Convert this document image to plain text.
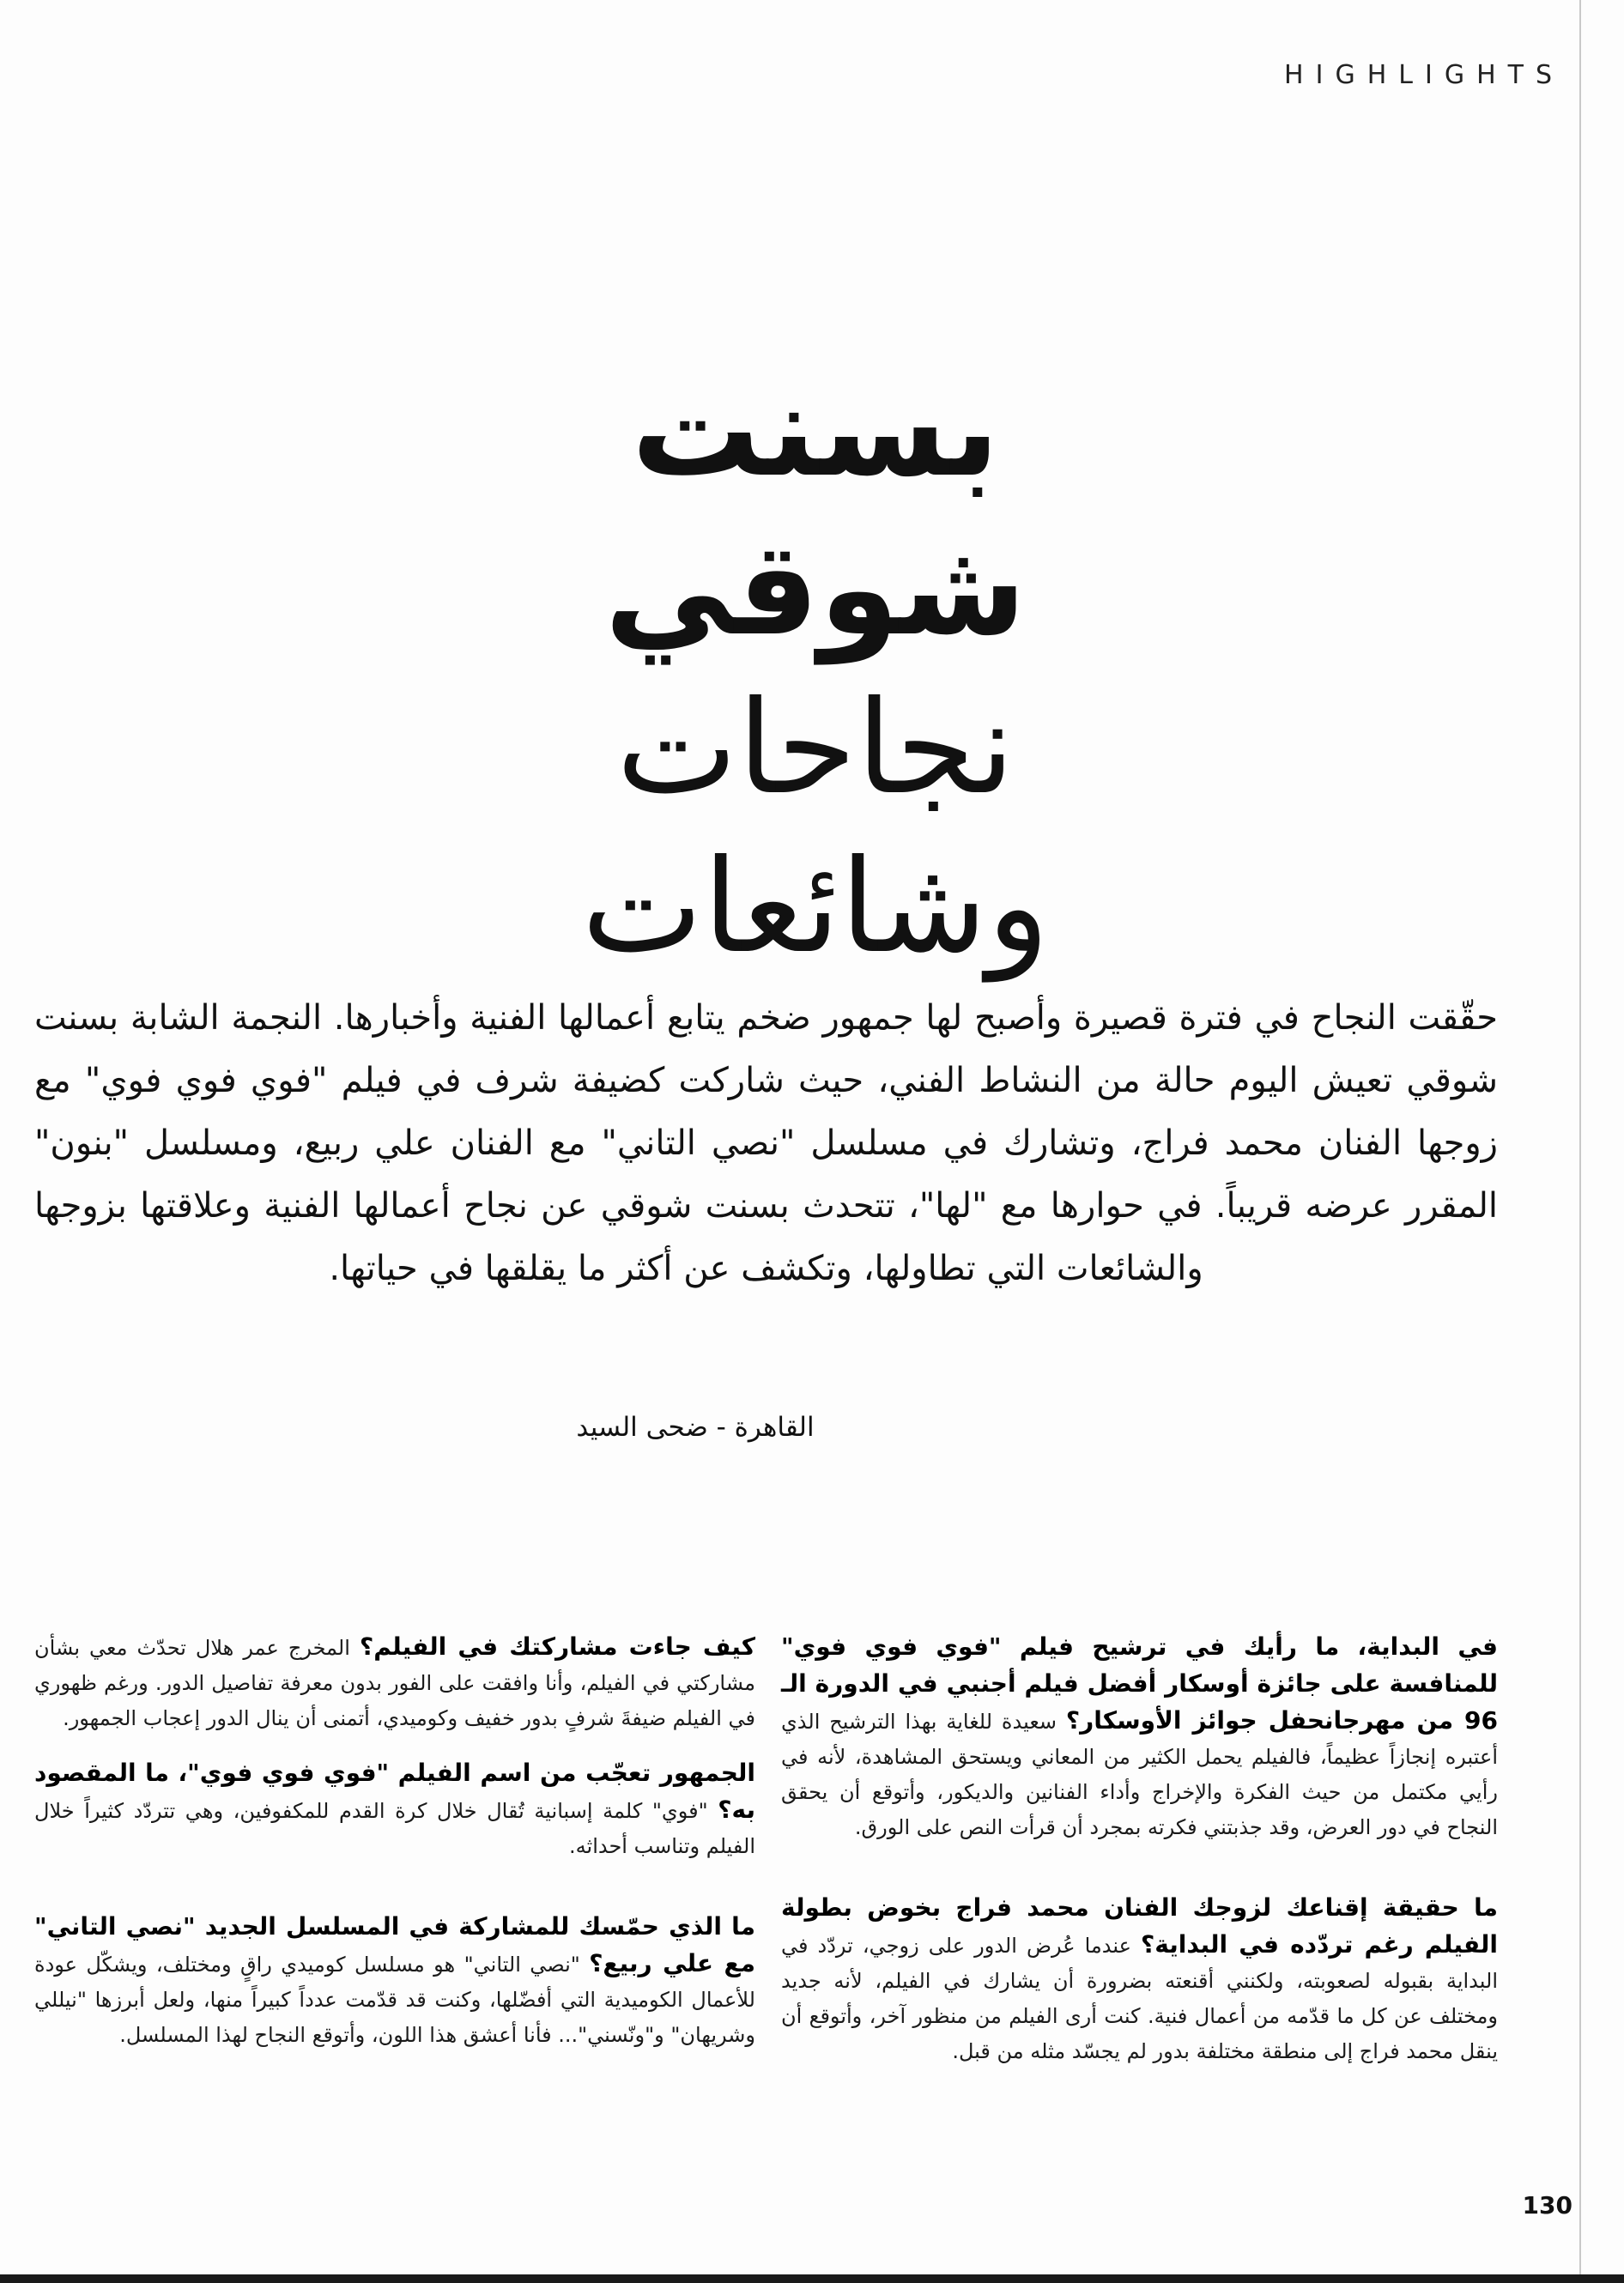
HIGHLIGHTS
بسنت
شوقي
نجاحات
وشائعات
حقّقت النجاح في فترة قصيرة وأصبح لها جمهور ضخم يتابع أعمالها الفنية وأخبارها. النجمة الشابة بسنت شوقي تعيش اليوم حالة من النشاط الفني، حيث شاركت كضيفة شرف في فيلم "فوي فوي فوي" مع زوجها الفنان محمد فراج، وتشارك في مسلسل "نصي التاني" مع الفنان علي ربيع، ومسلسل "بنون" المقرر عرضه قريباً. في حوارها مع "لها"، تتحدث بسنت شوقي عن نجاح أعمالها الفنية وعلاقتها بزوجها والشائعات التي تطاولها، وتكشف عن أكثر ما يقلقها في حياتها.
القاهرة - ضحى السيد
في البداية، ما رأيك في ترشيح فيلم "فوي فوي فوي" للمنافسة على جائزة أوسكار أفضل فيلم أجنبي في الدورة الـ 96 من مهرجانحفل جوائز الأوسكار؟ سعيدة للغاية بهذا الترشيح الذي أعتبره إنجازاً عظيماً، فالفيلم يحمل الكثير من المعاني ويستحق المشاهدة، لأنه في رأيي مكتمل من حيث الفكرة والإخراج وأداء الفنانين والديكور، وأتوقع أن يحقق النجاح في دور العرض، وقد جذبتني فكرته بمجرد أن قرأت النص على الورق.
ما حقيقة إقناعك لزوجك الفنان محمد فراج بخوض بطولة الفيلم رغم تردّده في البداية؟ عندما عُرض الدور على زوجي، تردّد في البداية بقبوله لصعوبته، ولكنني أقنعته بضرورة أن يشارك في الفيلم، لأنه جديد ومختلف عن كل ما قدّمه من أعمال فنية. كنت أرى الفيلم من منظور آخر، وأتوقع أن ينقل محمد فراج إلى منطقة مختلفة بدور لم يجسّد مثله من قبل.
كيف جاءت مشاركتك في الفيلم؟ المخرج عمر هلال تحدّث معي بشأن مشاركتي في الفيلم، وأنا وافقت على الفور بدون معرفة تفاصيل الدور. ورغم ظهوري في الفيلم ضيفةَ شرفٍ بدور خفيف وكوميدي، أتمنى أن ينال الدور إعجاب الجمهور.
الجمهور تعجّب من اسم الفيلم "فوي فوي فوي"، ما المقصود به؟ "فوي" كلمة إسبانية تُقال خلال كرة القدم للمكفوفين، وهي تتردّد كثيراً خلال الفيلم وتناسب أحداثه.
ما الذي حمّسك للمشاركة في المسلسل الجديد "نصي التاني" مع علي ربيع؟ "نصي التاني" هو مسلسل كوميدي راقٍ ومختلف، ويشكّل عودة للأعمال الكوميدية التي أفضّلها، وكنت قد قدّمت عدداً كبيراً منها، ولعل أبرزها "نيللي وشريهان" و"ونّسني"... فأنا أعشق هذا اللون، وأتوقع النجاح لهذا المسلسل.
130
